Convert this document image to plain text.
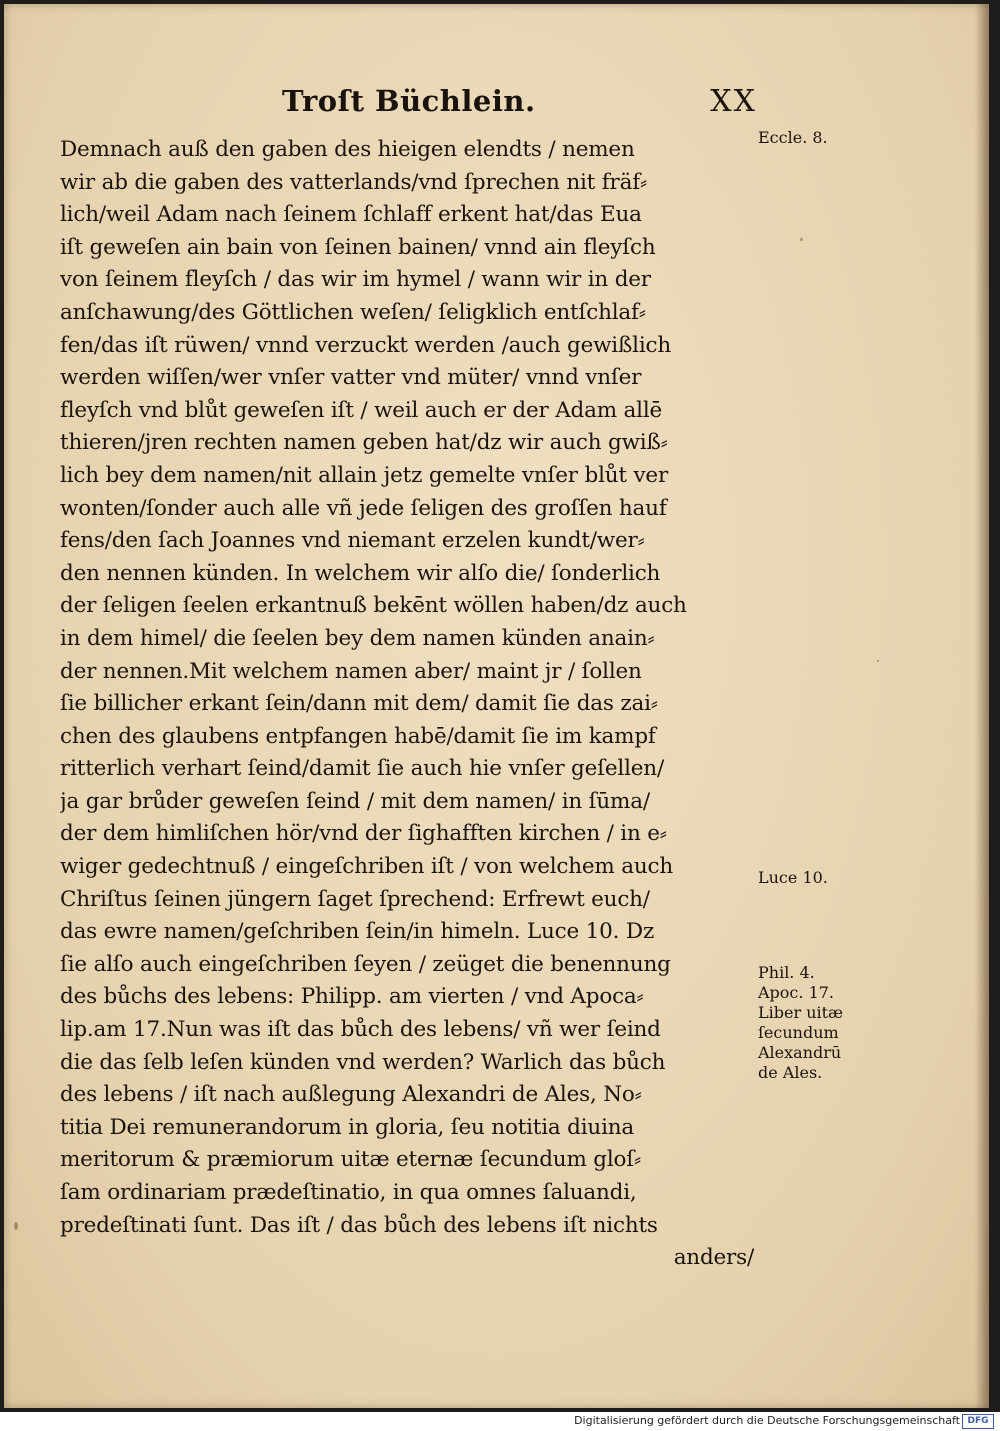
Troſt Büchlein.	XX
Demnach auß den gaben des hieigen elendts / nemen
wir ab die gaben des vatterlands/vnd ſprechen nit fräf⸗
lich/weil Adam nach ſeinem ſchlaff erkent hat/das Eua
iſt geweſen ain bain von ſeinen bainen/ vnnd ain fleyſch
von ſeinem fleyſch / das wir im hymel / wann wir in der
anſchawung/des Göttlichen weſen/ ſeligklich entſchlaf⸗
fen/das iſt rüwen/ vnnd verzuckt werden /auch gewißlich
werden wiſſen/wer vnſer vatter vnd müter/ vnnd vnſer
fleyſch vnd blůt geweſen iſt / weil auch er der Adam allē
thieren/jren rechten namen geben hat/dz wir auch gwiß⸗
lich bey dem namen/nit allain jetz gemelte vnſer blůt ver
wonten/ſonder auch alle vñ jede ſeligen des groſſen hauf
fens/den ſach Joannes vnd niemant erzelen kundt/wer⸗
den nennen künden. In welchem wir alſo die/ ſonderlich
der ſeligen ſeelen erkantnuß bekēnt wöllen haben/dz auch
in dem himel/ die ſeelen bey dem namen künden anain⸗
der nennen.Mit welchem namen aber/ maint jr / ſollen
ſie billicher erkant ſein/dann mit dem/ damit ſie das zai⸗
chen des glaubens entpfangen habē/damit ſie im kampf
ritterlich verhart ſeind/damit ſie auch hie vnſer geſellen/
ja gar brůder geweſen ſeind / mit dem namen/ in ſūma/
der dem himliſchen hör/vnd der ſighafften kirchen / in e⸗
wiger gedechtnuß / eingeſchriben iſt / von welchem auch
Chriſtus ſeinen jüngern ſaget ſprechend: Erfrewt euch/
das ewre namen/geſchriben ſein/in himeln. Luce 10. Dz
ſie alſo auch eingeſchriben ſeyen / zeüget die benennung
des bůchs des lebens: Philipp. am vierten / vnd Apoca⸗
lip.am 17.Nun was iſt das bůch des lebens/ vñ wer ſeind
die das ſelb leſen künden vnd werden? Warlich das bůch
des lebens / iſt nach außlegung Alexandri de Ales, No⸗
titia Dei remunerandorum in gloria, ſeu notitia diuina
meritorum & præmiorum uitæ eternæ ſecundum gloſ⸗
ſam ordinariam prædeſtinatio, in qua omnes ſaluandi,
predeſtinati ſunt. Das iſt / das bůch des lebens iſt nichts
anders/
Eccle. 8.
Luce 10.
Phil. 4.
Apoc. 17.
Liber uitæ
ſecundum
Alexandrū
de Ales.
Digitalisierung gefördert durch die Deutsche Forschungsgemeinschaft DFG
